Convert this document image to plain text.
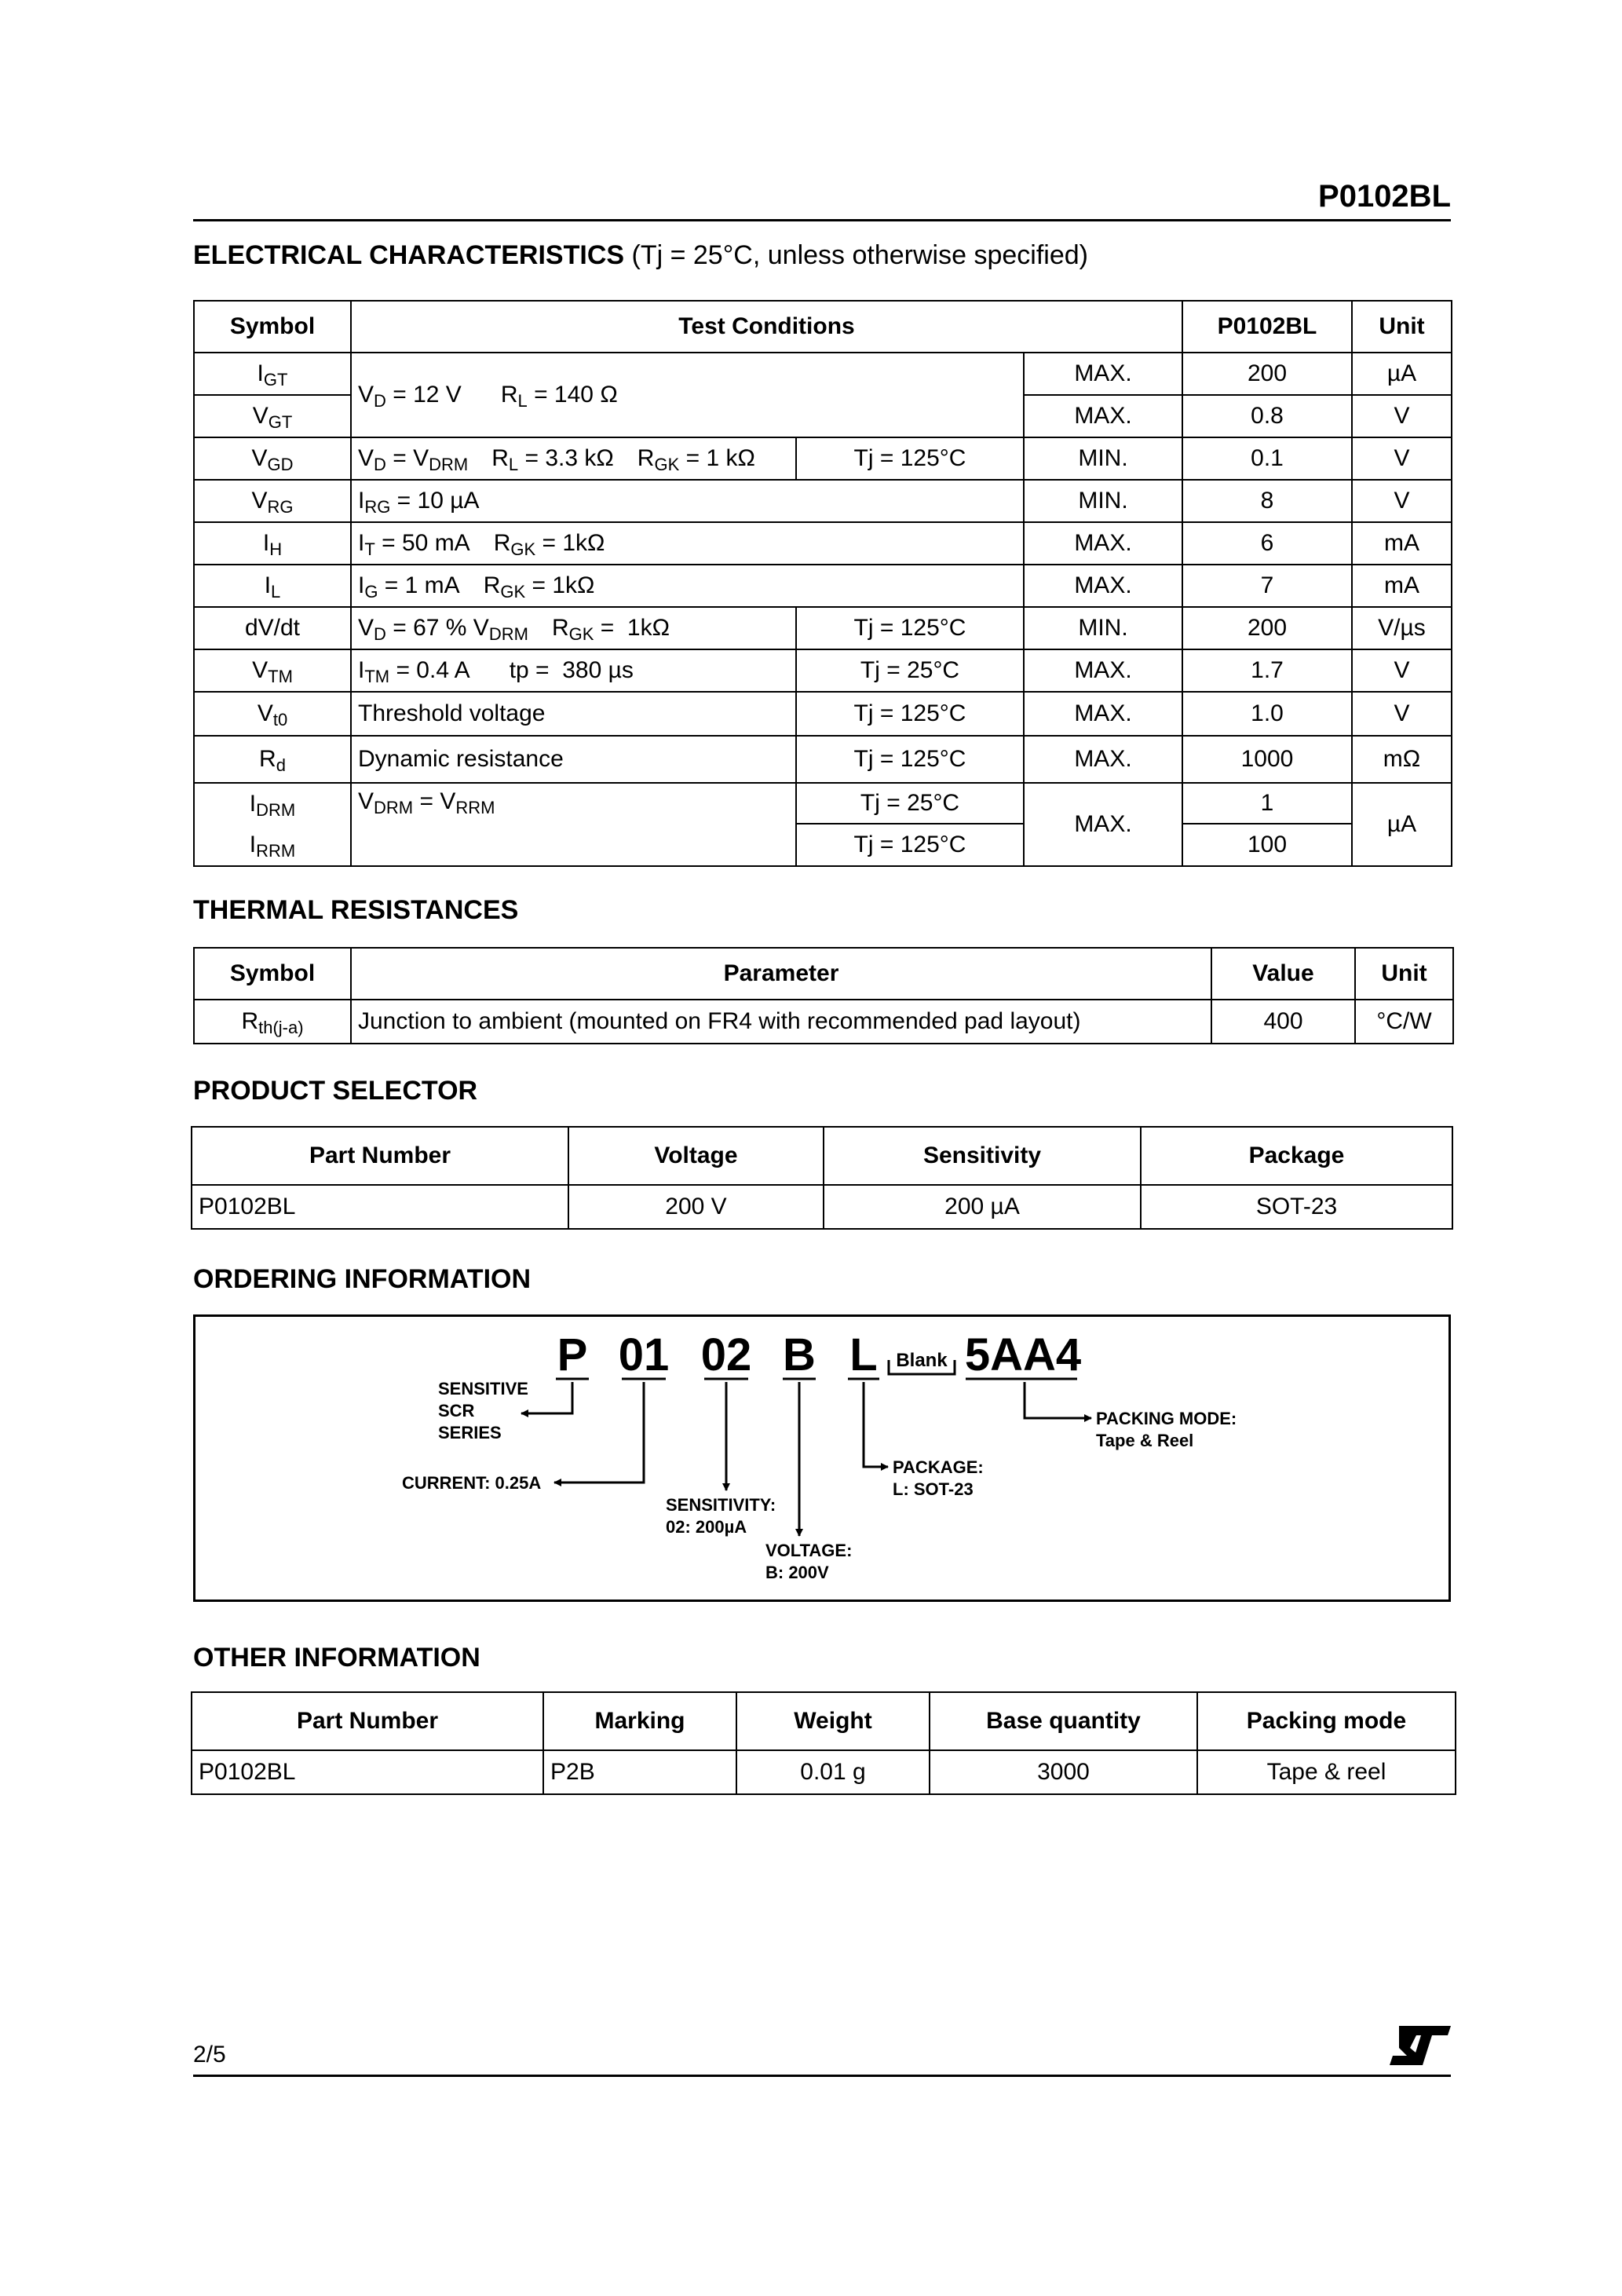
P0102BL
ELECTRICAL CHARACTERISTICS (Tj = 25°C, unless otherwise specified)
Symbol	Test Conditions			P0102BL	Unit
$I_{GT}$	$V_D = 12$ V $R_L = 140$ Ω		MAX.	200	µA
$V_{GT}$			MAX.	0.8	V
$V_{GD}$	$V_D = V_{DRM}$ $R_L = 3.3$ kΩ $R_{GK} = 1$ kΩ	Tj = 125°C	MIN.	0.1	V
$V_{RG}$	$I_{RG} = 10$ µA		MIN.	8	V
$I_H$	$I_T = 50$ mA $R_{GK} = 1k\Omega$		MAX.	6	mA
$I_L$	$I_G = 1$ mA $R_{GK} = 1k\Omega$		MAX.	7	mA
dV/dt	$V_D = 67$ % $V_{DRM}$ $R_{GK} = 1k\Omega$	Tj = 125°C	MIN.	200	V/µs
$V_{TM}$	$I_{TM} = 0.4$ A tp =  380 µs	Tj = 25°C	MAX.	1.7	V
$V_{t0}$	Threshold voltage	Tj = 125°C	MAX.	1.0	V
$R_d$	Dynamic resistance	Tj = 125°C	MAX.	1000	mΩ
$I_{DRM}$	$V_{DRM} = V_{RRM}$	Tj = 25°C	MAX.	1	µA
$I_{RRM}$		Tj = 125°C		100	
THERMAL RESISTANCES
Symbol	Parameter	Value	Unit
$R_{th(j-a)}$	Junction to ambient (mounted on FR4 with recommended pad layout)	400	°C/W
PRODUCT SELECTOR
Part Number	Voltage	Sensitivity	Package
P0102BL	200 V	200 µA	SOT-23
ORDERING INFORMATION
P 01 02 B L Blank 5AA4
SENSITIVE
SCR
SERIES
CURRENT: 0.25A
SENSITIVITY:
02: 200µA
VOLTAGE:
B: 200V
PACKAGE:
L: SOT-23
PACKING MODE:
Tape & Reel
OTHER INFORMATION
Part Number	Marking	Weight	Base quantity	Packing mode
P0102BL	P2B	0.01 g	3000	Tape & reel
2/5
